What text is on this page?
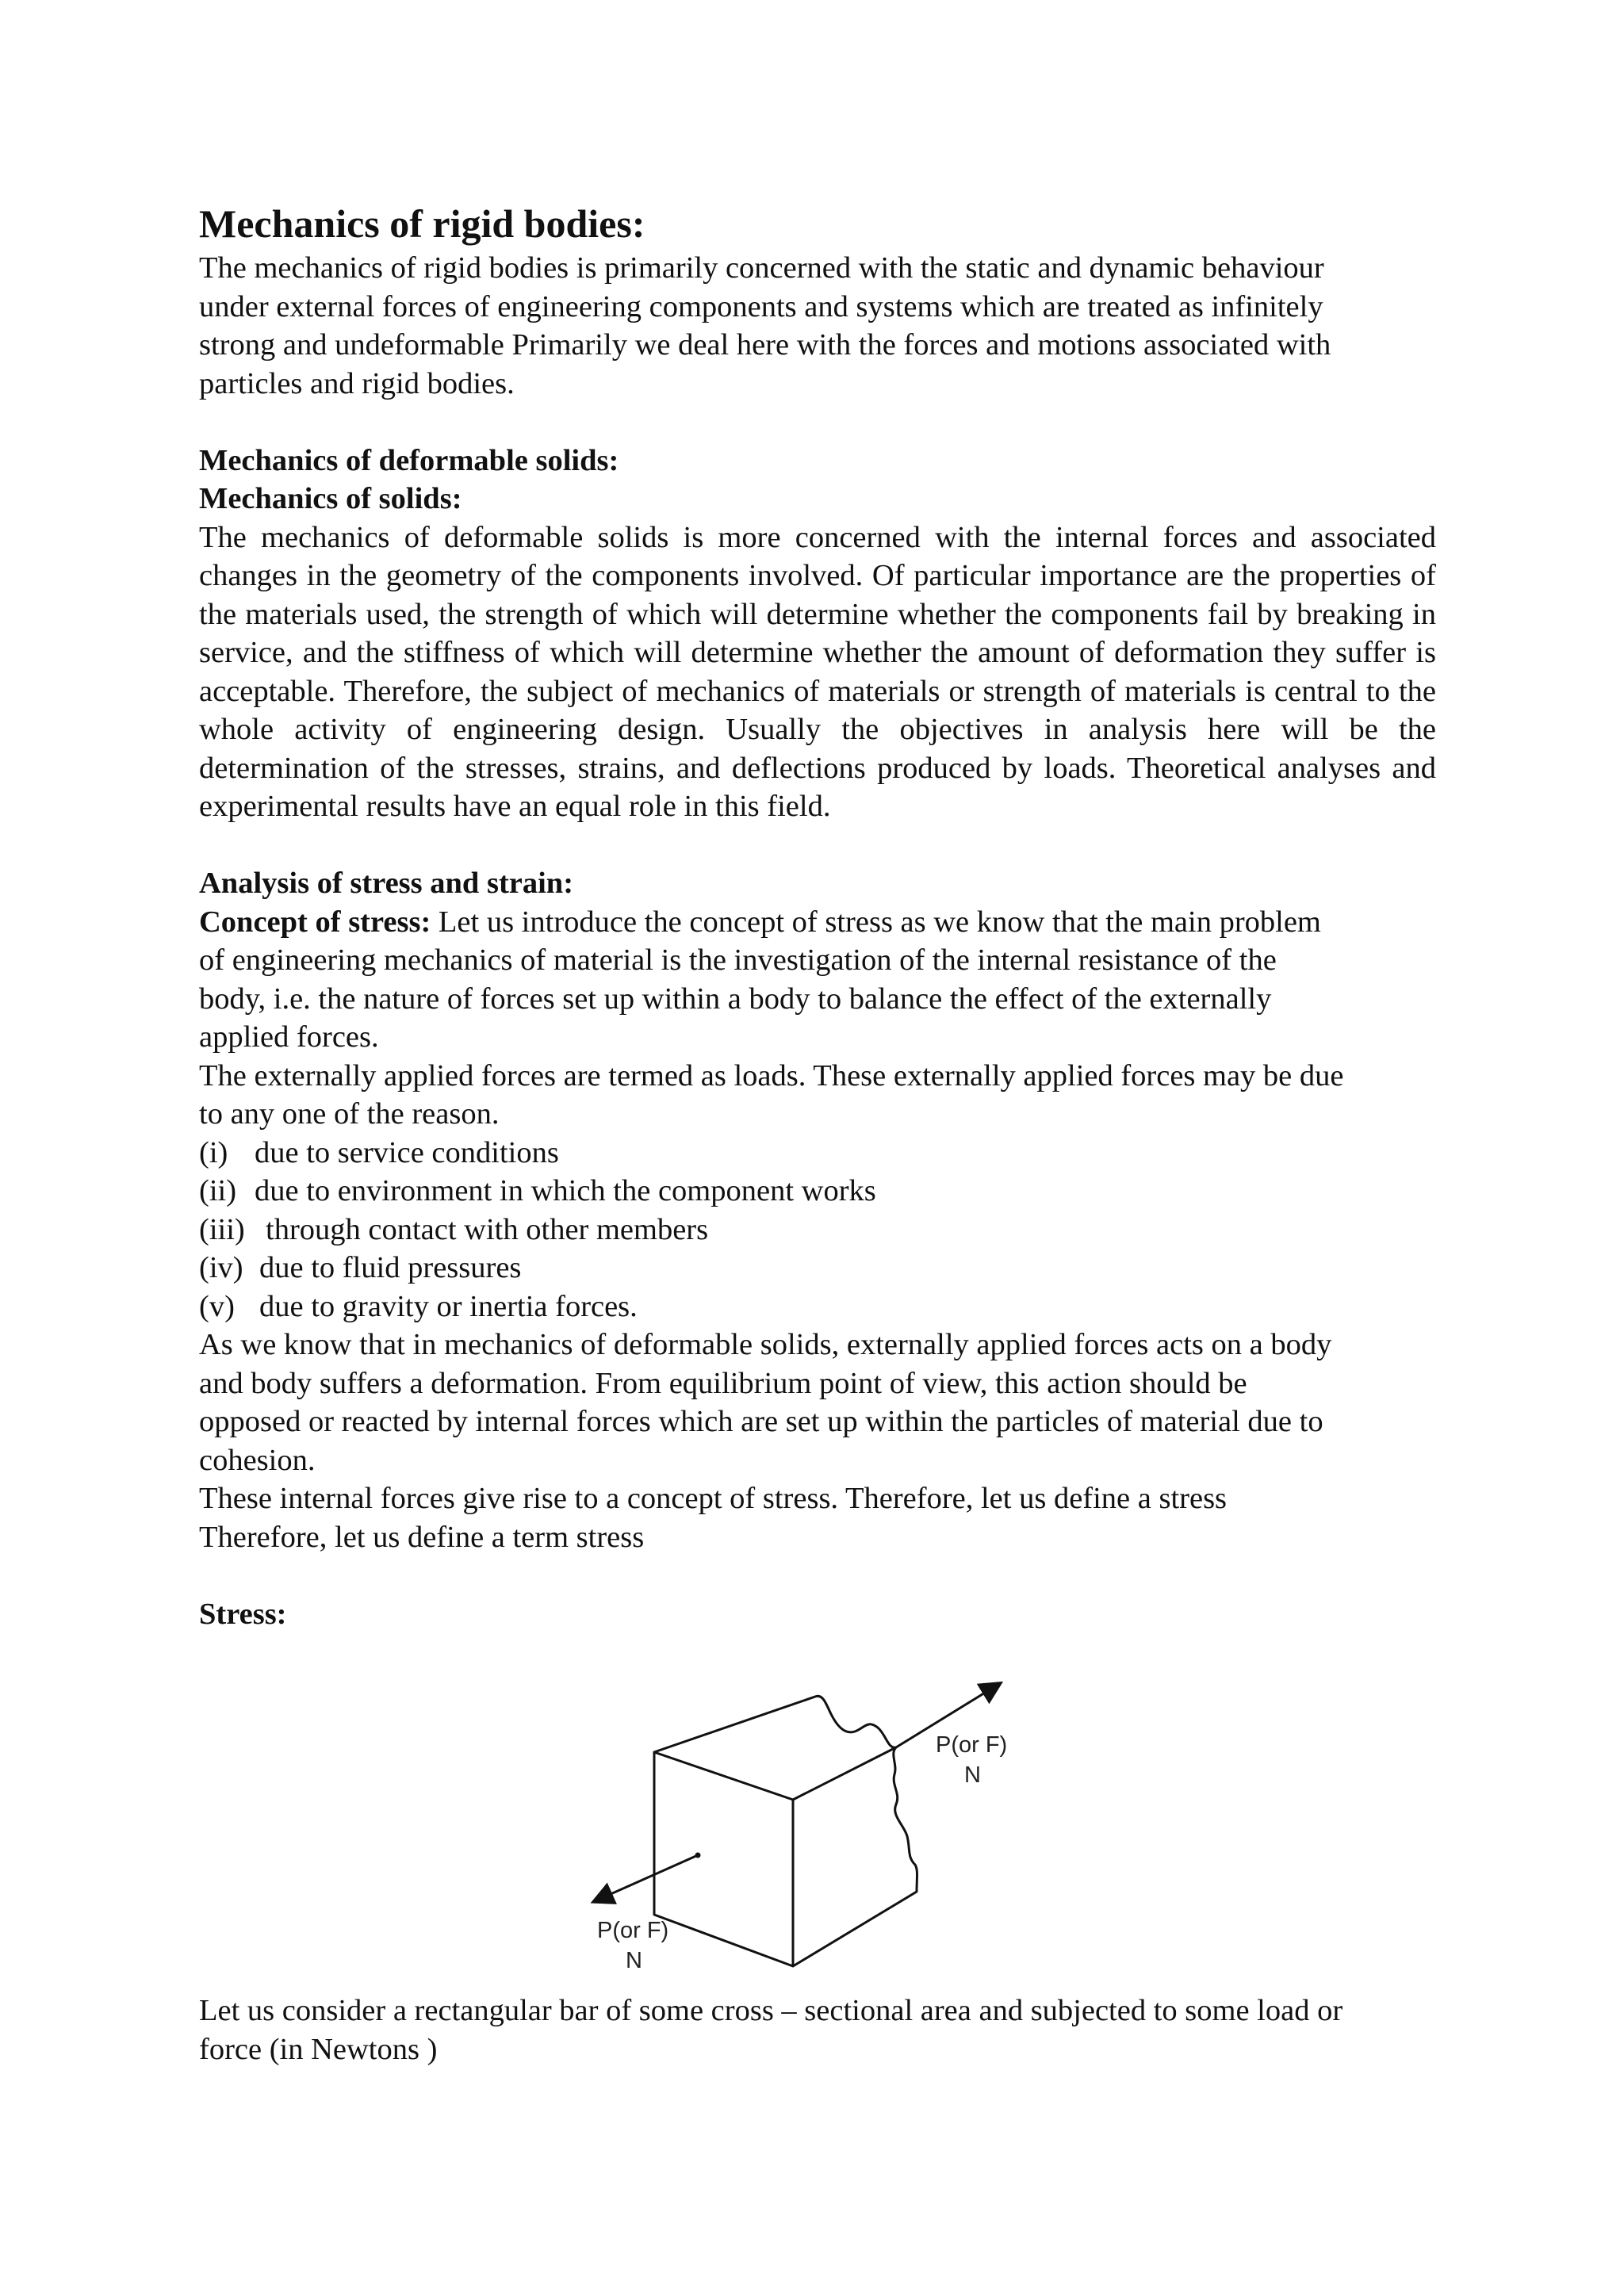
Mechanics of rigid bodies:

The mechanics of rigid bodies is primarily concerned with the static and dynamic behaviour

under external forces of engineering components and systems which are treated as infinitely

strong and undeformable Primarily we deal here with the forces and motions associated with

particles and rigid bodies.

Mechanics of deformable solids:

Mechanics of solids:

The mechanics of deformable solids is more concerned with the internal forces and associated changes in the geometry of the components involved. Of particular importance are the properties of the materials used, the strength of which will determine whether the components fail by breaking in service, and the stiffness of which will determine whether the amount of deformation they suffer is acceptable. Therefore, the subject of mechanics of materials or strength of materials is central to the whole activity of engineering design. Usually the objectives in analysis here will be the determination of the stresses, strains, and deflections produced by loads. Theoretical analyses and experimental results have an equal role in this field.

Analysis of stress and strain:

Concept of stress: Let us introduce the concept of stress as we know that the main problem

of engineering mechanics of material is the investigation of the internal resistance of the

body, i.e. the nature of forces set up within a body to balance the effect of the externally

applied forces.

The externally applied forces are termed as loads. These externally applied forces may be due

to any one of the reason.

(i) due to service conditions
(ii) due to environment in which the component works
(iii) through contact with other members
(iv) due to fluid pressures
(v) due to gravity or inertia forces.

As we know that in mechanics of deformable solids, externally applied forces acts on a body

and body suffers a deformation. From equilibrium point of view, this action should be

opposed or reacted by internal forces which are set up within the particles of material due to

cohesion.

These internal forces give rise to a concept of stress. Therefore, let us define a stress

Therefore, let us define a term stress

Stress:

P(or F)
N
P(or F)
N

Let us consider a rectangular bar of some cross – sectional area and subjected to some load or

force (in Newtons )
